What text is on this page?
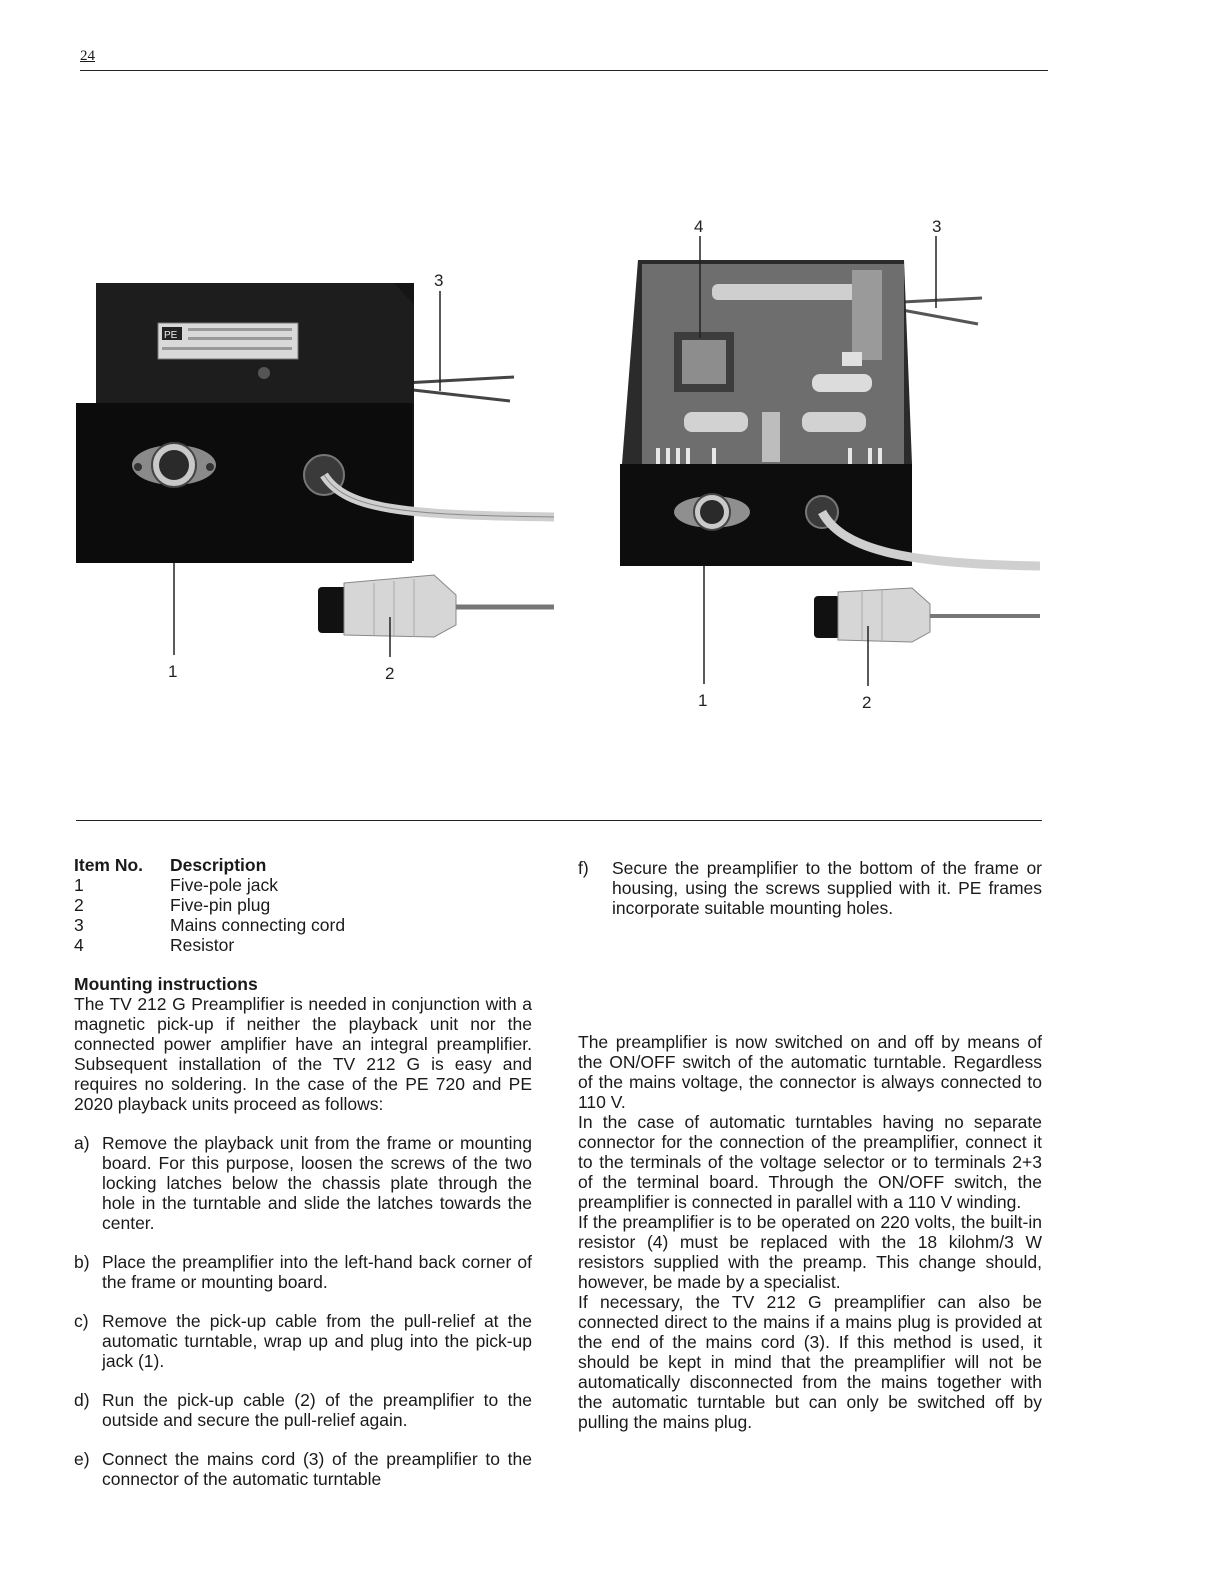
24
PE
3
1	2
4	3
1	2
Item No.	Description
1	Five-pole jack
2	Five-pin plug
3	Mains connecting cord
4	Resistor
Mounting instructions

The TV 212 G Preamplifier is needed in conjunction with a magnetic pick-up if neither the playback unit nor the connected power amplifier have an integral preamplifier. Subsequent installation of the TV 212 G is easy and requires no soldering. In the case of the PE 720 and PE 2020 playback units proceed as follows:

a) Remove the playback unit from the frame or mounting board. For this purpose, loosen the screws of the two locking latches below the chassis plate through the hole in the turntable and slide the latches towards the center.
b) Place the preamplifier into the left-hand back corner of the frame or mounting board.
c) Remove the pick-up cable from the pull-relief at the automatic turntable, wrap up and plug into the pick-up jack (1).
d) Run the pick-up cable (2) of the preamplifier to the outside and secure the pull-relief again.
e) Connect the mains cord (3) of the preamplifier to the connector of the automatic turntable
f)	Secure the preamplifier to the bottom of the frame or housing, using the screws supplied with it. PE frames incorporate suitable mounting holes.

The preamplifier is now switched on and off by means of the ON/OFF switch of the automatic turntable. Regardless of the mains voltage, the connector is always connected to 110 V.

In the case of automatic turntables having no separate connector for the connection of the preamplifier, connect it to the terminals of the voltage selector or to terminals 2+3 of the terminal board. Through the ON/OFF switch, the preamplifier is connected in parallel with a 110 V winding.

If the preamplifier is to be operated on 220 volts, the built-in resistor (4) must be replaced with the 18 kilohm/3 W resistors supplied with the preamp. This change should, however, be made by a specialist.

If necessary, the TV 212 G preamplifier can also be connected direct to the mains if a mains plug is provided at the end of the mains cord (3). If this method is used, it should be kept in mind that the preamplifier will not be automatically disconnected from the mains together with the automatic turntable but can only be switched off by pulling the mains plug.
